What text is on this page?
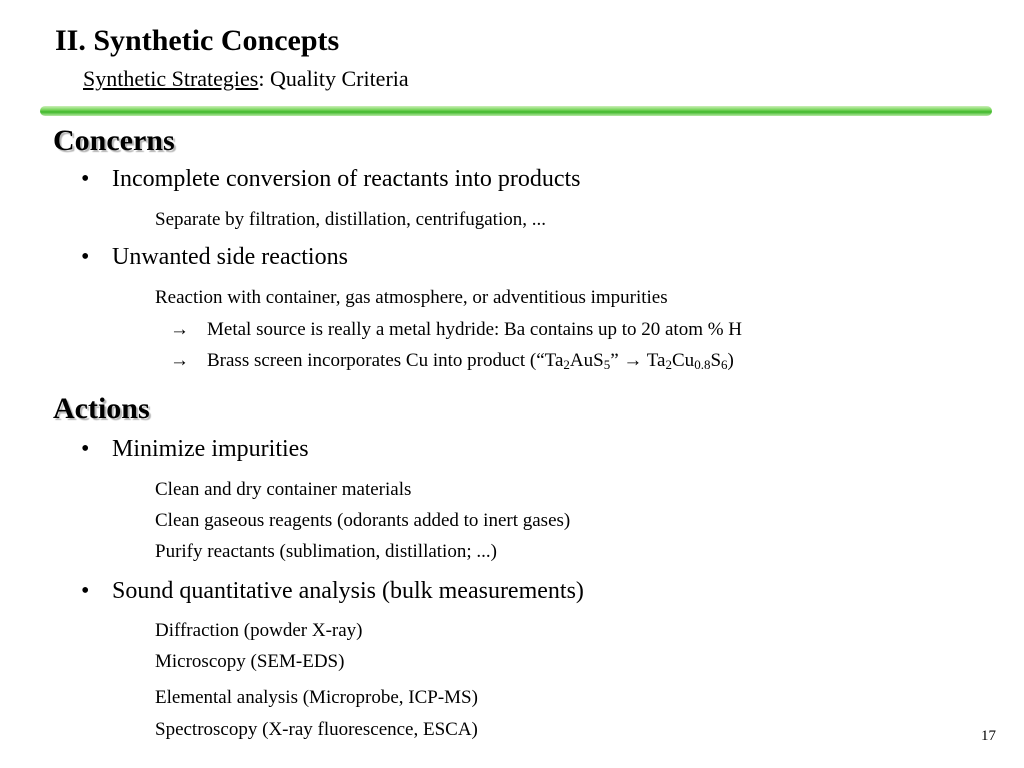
II. Synthetic Concepts
Synthetic Strategies: Quality Criteria
Concerns
• Incomplete conversion of reactants into products
Separate by filtration, distillation, centrifugation, ...
• Unwanted side reactions
Reaction with container, gas atmosphere, or adventitious impurities
→ Metal source is really a metal hydride: Ba contains up to 20 atom % H
→ Brass screen incorporates Cu into product (“$Ta_2AuS_5$” → $Ta_2Cu_{0.8}S_6$)
Actions
• Minimize impurities
Clean and dry container materials
Clean gaseous reagents (odorants added to inert gases)
Purify reactants (sublimation, distillation; ...)
• Sound quantitative analysis (bulk measurements)
Diffraction (powder X-ray)
Microscopy (SEM-EDS)
Elemental analysis (Microprobe, ICP-MS)
Spectroscopy (X-ray fluorescence, ESCA)	17
